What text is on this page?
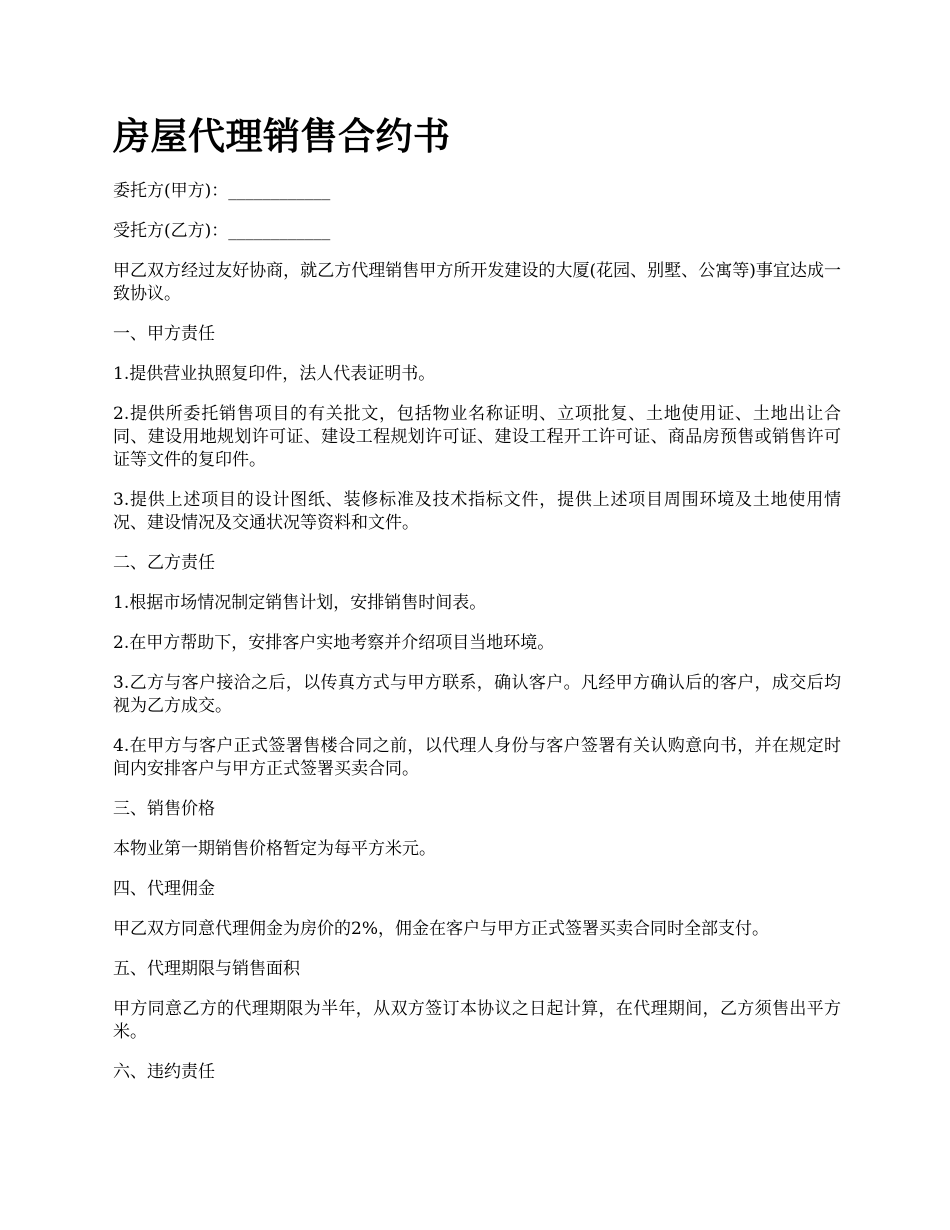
房屋代理销售合约书

委托方(甲方)：____________

受托方(乙方)：____________

甲乙双方经过友好协商，就乙方代理销售甲方所开发建设的大厦(花园、别墅、公寓等)事宜达成一致协议。

一、甲方责任

1.提供营业执照复印件，法人代表证明书。

2.提供所委托销售项目的有关批文，包括物业名称证明、立项批复、土地使用证、土地出让合同、建设用地规划许可证、建设工程规划许可证、建设工程开工许可证、商品房预售或销售许可证等文件的复印件。

3.提供上述项目的设计图纸、装修标准及技术指标文件，提供上述项目周围环境及土地使用情况、建设情况及交通状况等资料和文件。

二、乙方责任

1.根据市场情况制定销售计划，安排销售时间表。

2.在甲方帮助下，安排客户实地考察并介绍项目当地环境。

3.乙方与客户接洽之后，以传真方式与甲方联系，确认客户。凡经甲方确认后的客户，成交后均视为乙方成交。

4.在甲方与客户正式签署售楼合同之前，以代理人身份与客户签署有关认购意向书，并在规定时间内安排客户与甲方正式签署买卖合同。

三、销售价格

本物业第一期销售价格暂定为每平方米元。

四、代理佣金

甲乙双方同意代理佣金为房价的2%，佣金在客户与甲方正式签署买卖合同时全部支付。

五、代理期限与销售面积

甲方同意乙方的代理期限为半年，从双方签订本协议之日起计算，在代理期间，乙方须售出平方米。

六、违约责任
